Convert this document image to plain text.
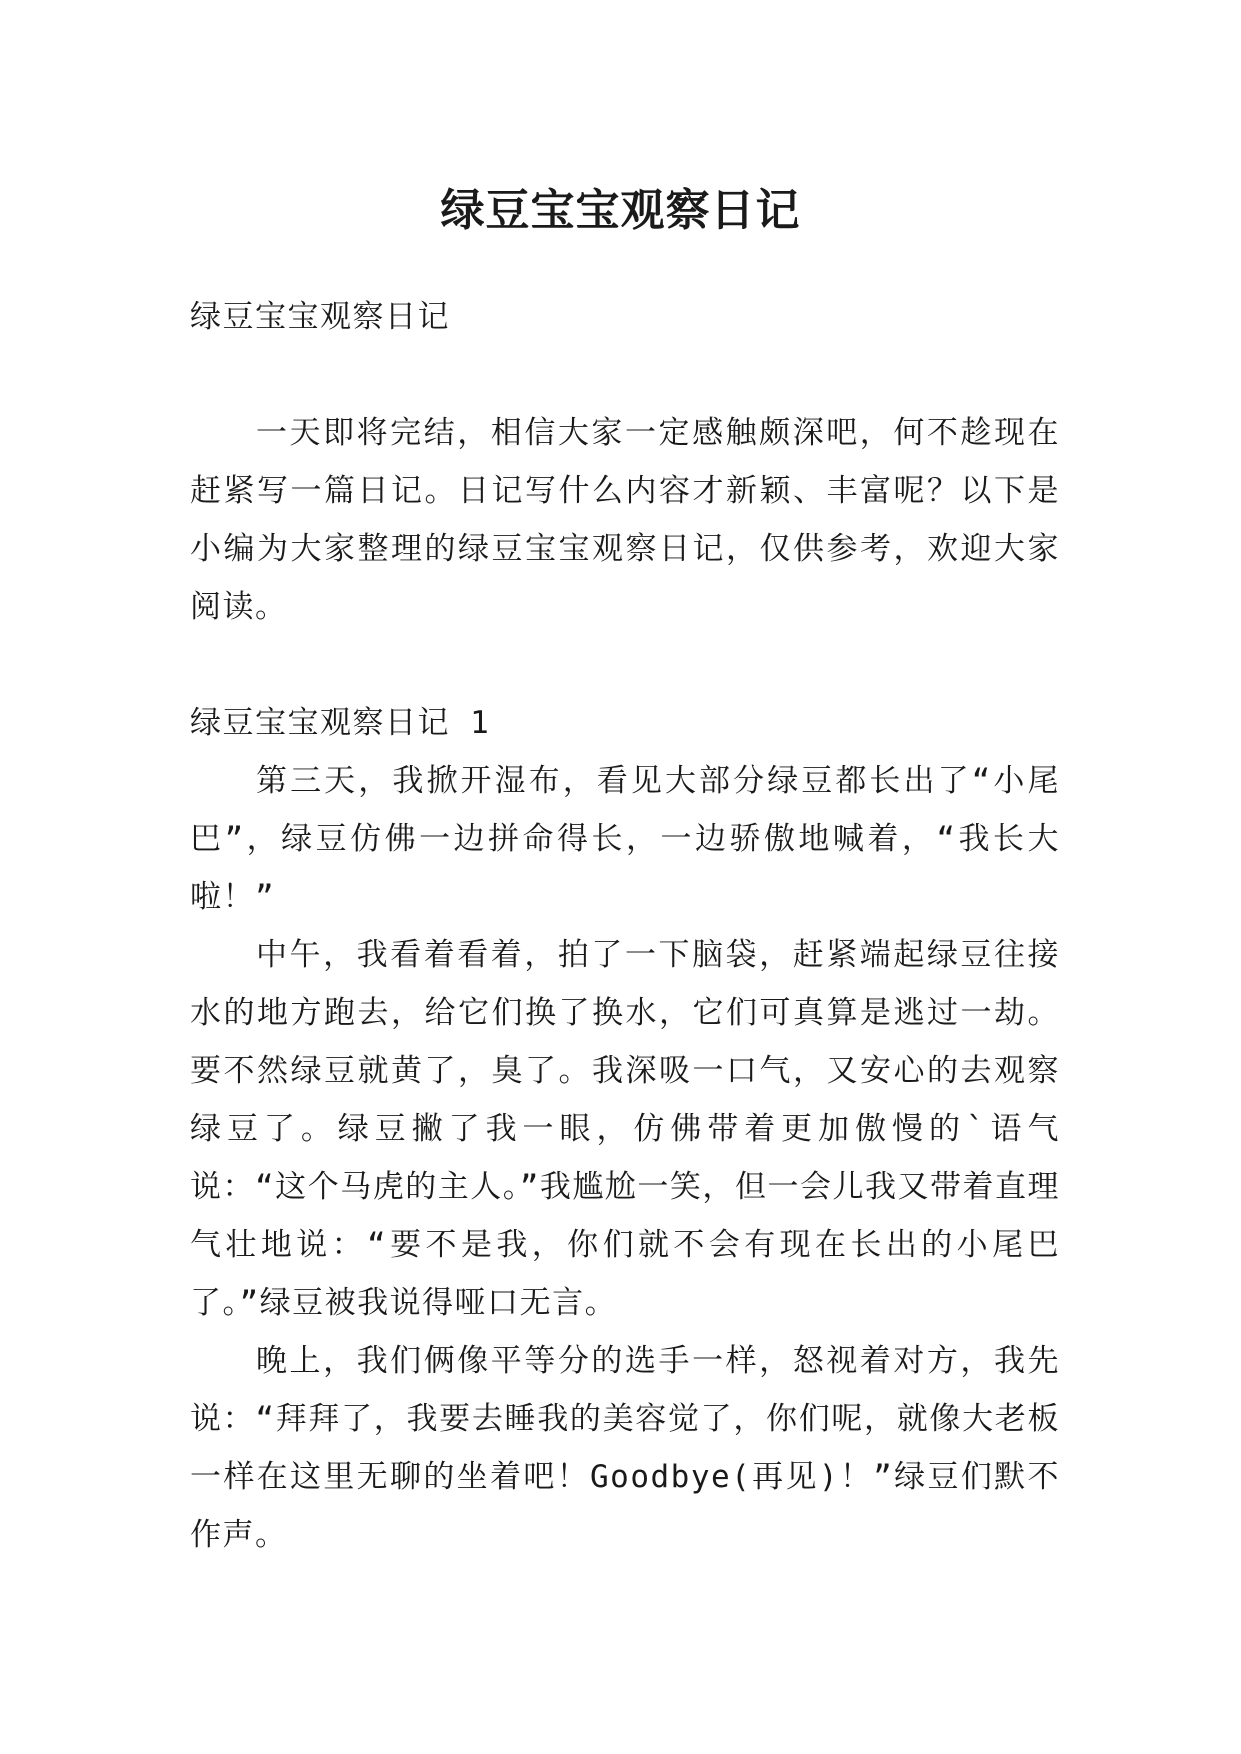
绿豆宝宝观察日记

绿豆宝宝观察日记

一天即将完结，相信大家一定感触颇深吧，何不趁现在赶紧写一篇日记。日记写什么内容才新颖、丰富呢？以下是小编为大家整理的绿豆宝宝观察日记，仅供参考，欢迎大家阅读。

绿豆宝宝观察日记 1

第三天，我掀开湿布，看见大部分绿豆都长出了“小尾巴”，绿豆仿佛一边拼命得长，一边骄傲地喊着，“我长大啦！”

中午，我看着看着，拍了一下脑袋，赶紧端起绿豆往接水的地方跑去，给它们换了换水，它们可真算是逃过一劫。要不然绿豆就黄了，臭了。我深吸一口气，又安心的去观察绿豆了。绿豆撇了我一眼，仿佛带着更加傲慢的`语气说：“这个马虎的主人。”我尴尬一笑，但一会儿我又带着直理气壮地说：“要不是我，你们就不会有现在长出的小尾巴了。”绿豆被我说得哑口无言。

晚上，我们俩像平等分的选手一样，怒视着对方，我先说：“拜拜了，我要去睡我的美容觉了，你们呢，就像大老板一样在这里无聊的坐着吧！Goodbye(再见)！”绿豆们默不作声。
